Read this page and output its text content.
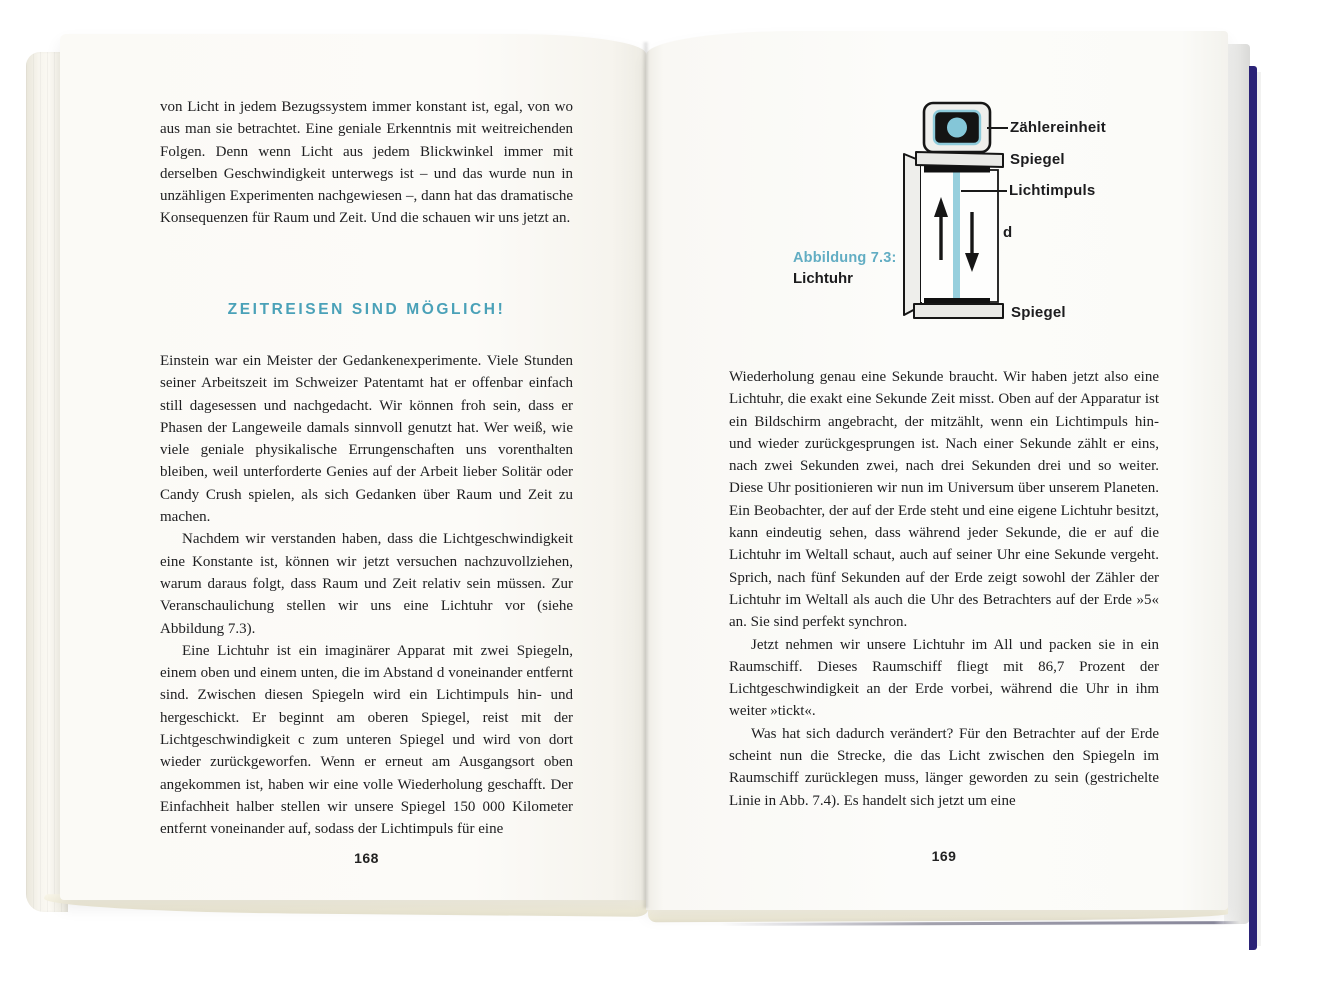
von Licht in jedem Bezugssystem immer konstant ist, egal, von wo aus man sie betrachtet. Eine geniale Erkenntnis mit weitreichenden Folgen. Denn wenn Licht aus jedem Blickwinkel immer mit derselben Geschwindigkeit unterwegs ist – und das wurde nun in unzähligen Experimenten nachgewiesen –, dann hat das dramatische Konsequenzen für Raum und Zeit. Und die schauen wir uns jetzt an.
ZEITREISEN SIND MÖGLICH!

Einstein war ein Meister der Gedankenexperimente. Viele Stunden seiner Arbeitszeit im Schweizer Patentamt hat er offenbar einfach still dagesessen und nachgedacht. Wir können froh sein, dass er Phasen der Langeweile damals sinnvoll genutzt hat. Wer weiß, wie viele geniale physikalische Errungenschaften uns vorenthalten bleiben, weil unterforderte Genies auf der Arbeit lieber Solitär oder Candy Crush spielen, als sich Gedanken über Raum und Zeit zu machen.

Nachdem wir verstanden haben, dass die Lichtgeschwindigkeit eine Konstante ist, können wir jetzt versuchen nachzuvollziehen, warum daraus folgt, dass Raum und Zeit relativ sein müssen. Zur Veranschaulichung stellen wir uns eine Lichtuhr vor (siehe Abbildung 7.3).

Eine Lichtuhr ist ein imaginärer Apparat mit zwei Spiegeln, einem oben und einem unten, die im Abstand d voneinander entfernt sind. Zwischen diesen Spiegeln wird ein Lichtimpuls hin- und hergeschickt. Er beginnt am oberen Spiegel, reist mit der Lichtgeschwindigkeit c zum unteren Spiegel und wird von dort wieder zurückgeworfen. Wenn er erneut am Ausgangsort oben angekommen ist, haben wir eine volle Wiederholung geschafft. Der Einfachheit halber stellen wir unsere Spiegel 150 000 Kilometer entfernt voneinander auf, sodass der Lichtimpuls für eine

168
Zählereinheit
Spiegel
Lichtimpuls
d
Spiegel
Abbildung 7.3:
Lichtuhr

Wiederholung genau eine Sekunde braucht. Wir haben jetzt also eine Lichtuhr, die exakt eine Sekunde Zeit misst. Oben auf der Apparatur ist ein Bildschirm angebracht, der mitzählt, wenn ein Lichtimpuls hin- und wieder zurückgesprungen ist. Nach einer Sekunde zählt er eins, nach zwei Sekunden zwei, nach drei Sekunden drei und so weiter. Diese Uhr positionieren wir nun im Universum über unserem Planeten. Ein Beobachter, der auf der Erde steht und eine eigene Lichtuhr besitzt, kann eindeutig sehen, dass während jeder Sekunde, die er auf die Lichtuhr im Weltall schaut, auch auf seiner Uhr eine Sekunde vergeht. Sprich, nach fünf Sekunden auf der Erde zeigt sowohl der Zähler der Lichtuhr im Weltall als auch die Uhr des Betrachters auf der Erde »5« an. Sie sind perfekt synchron.

Jetzt nehmen wir unsere Lichtuhr im All und packen sie in ein Raumschiff. Dieses Raumschiff fliegt mit 86,7 Prozent der Lichtgeschwindigkeit an der Erde vorbei, während die Uhr in ihm weiter »tickt«.

Was hat sich dadurch verändert? Für den Betrachter auf der Erde scheint nun die Strecke, die das Licht zwischen den Spiegeln im Raumschiff zurücklegen muss, länger geworden zu sein (gestrichelte Linie in Abb. 7.4). Es handelt sich jetzt um eine

169
